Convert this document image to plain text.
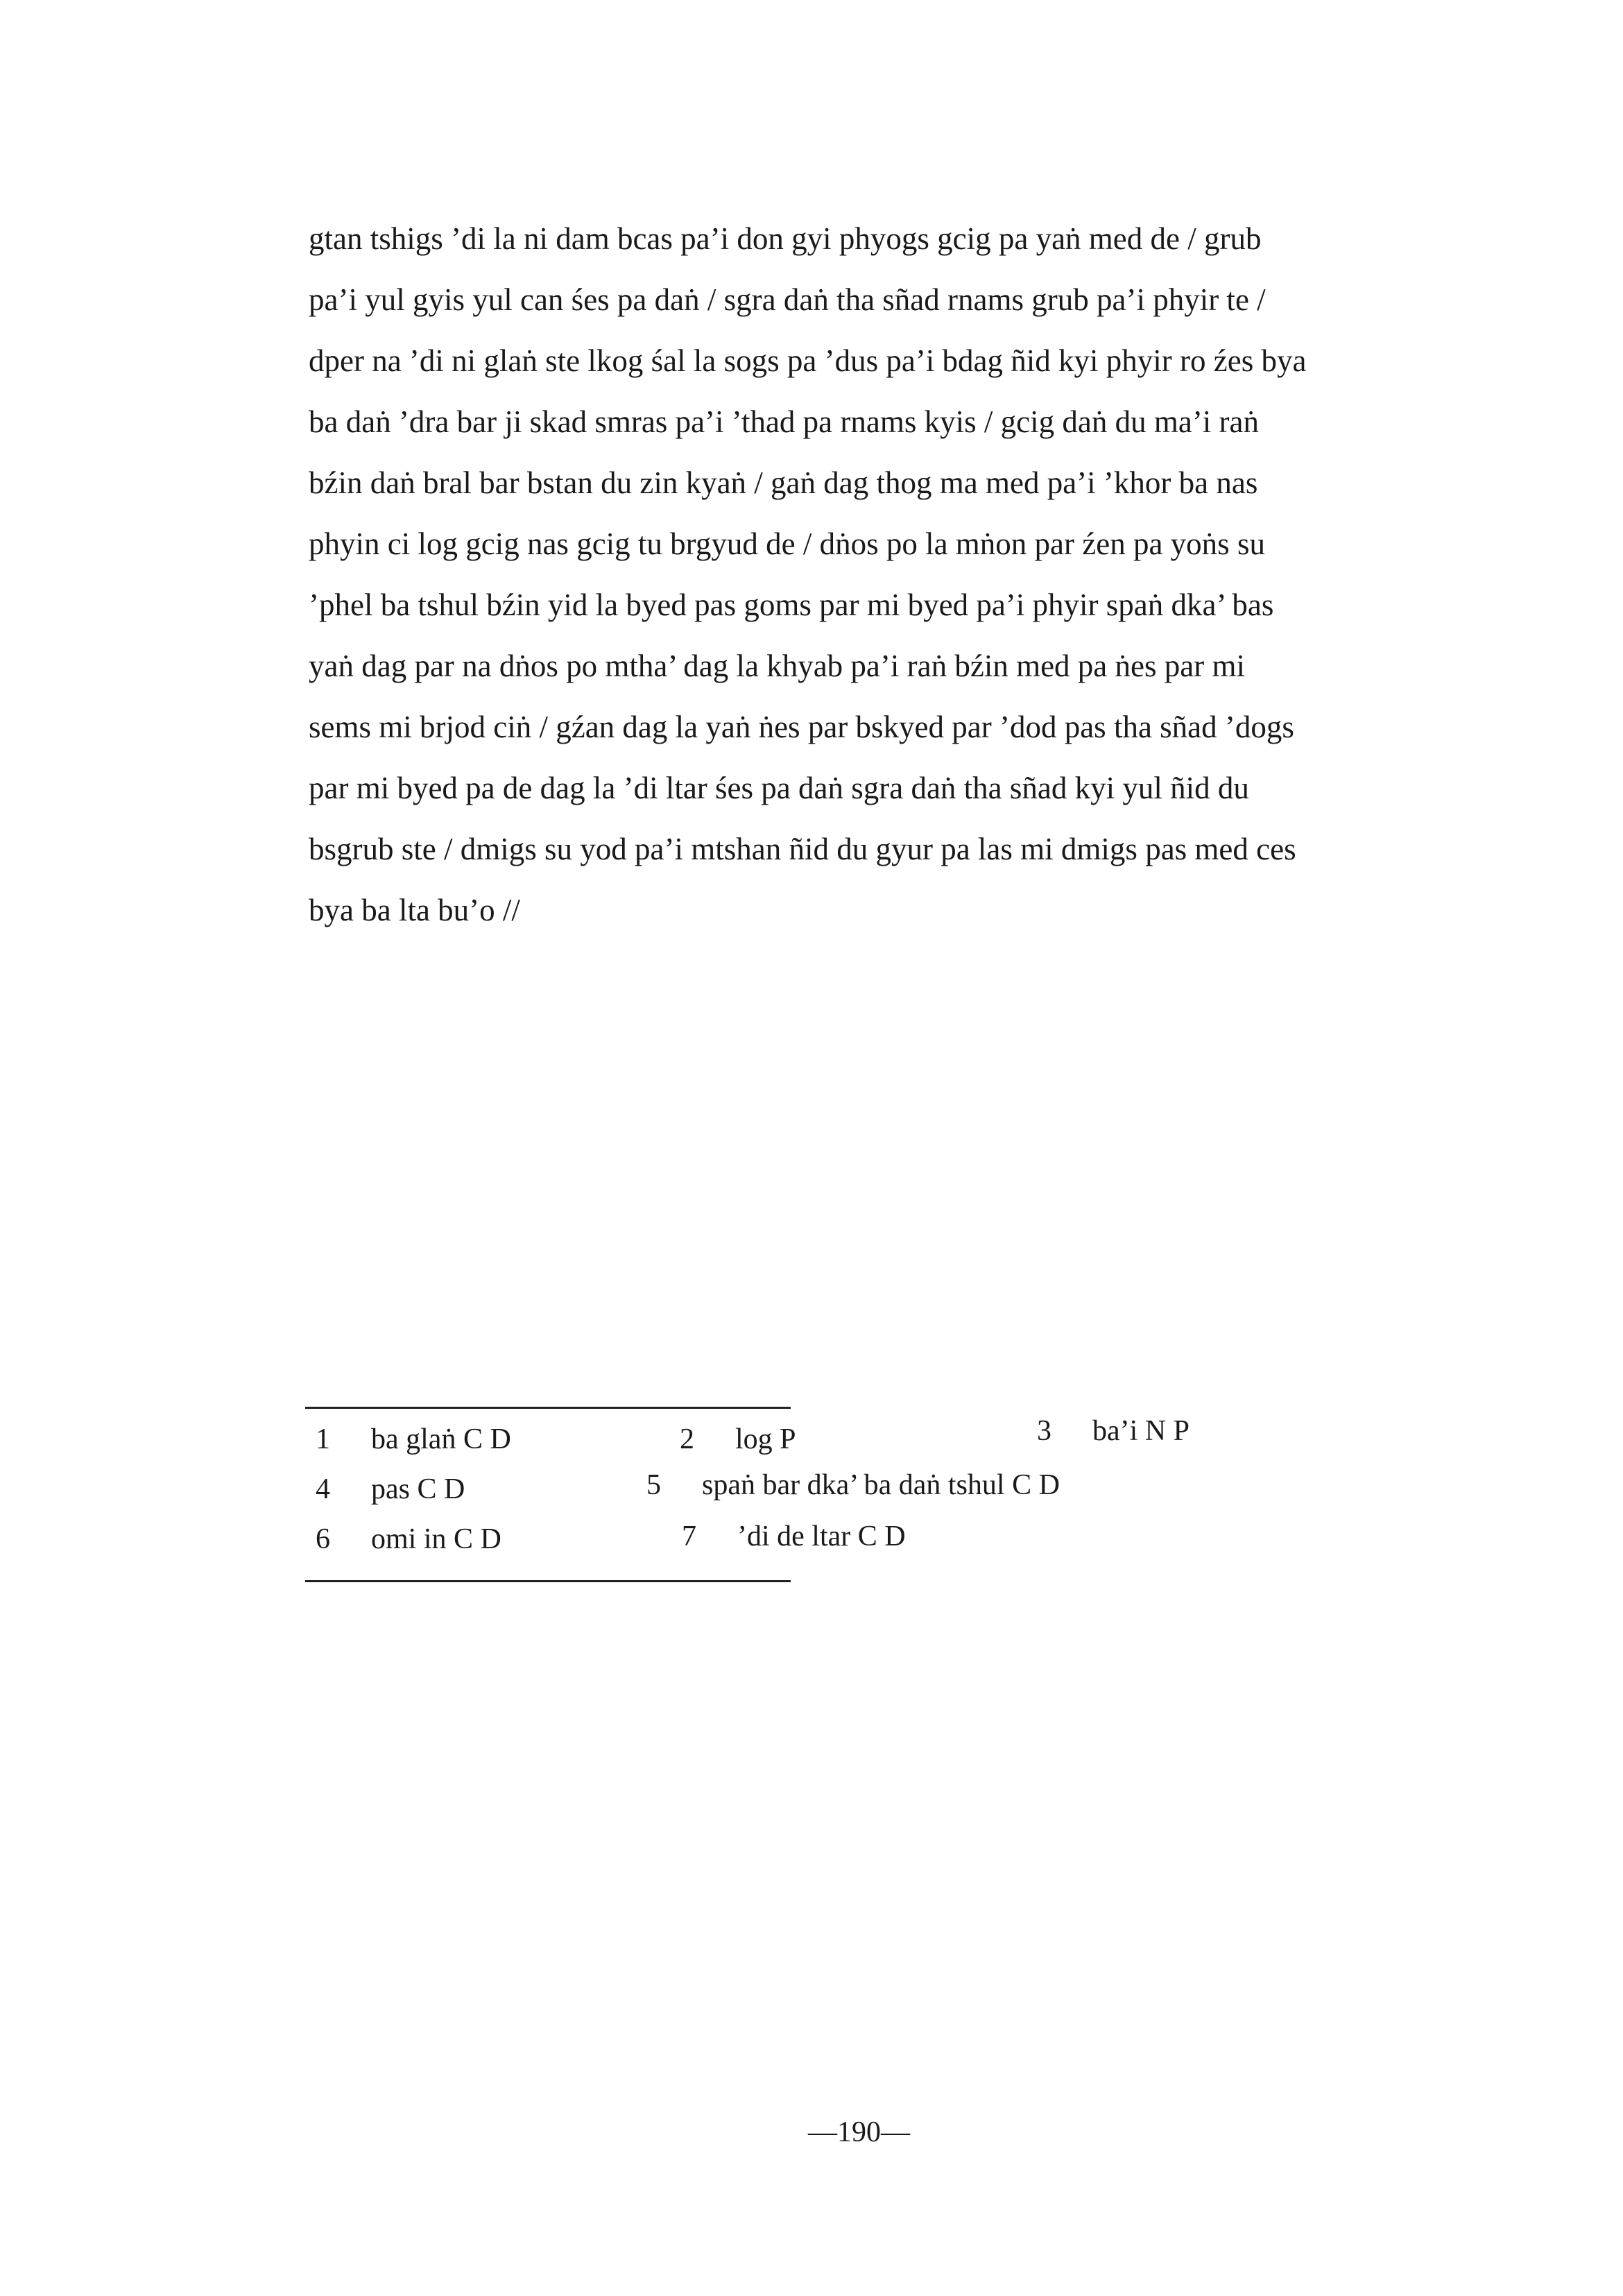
gtan tshigs ’di la ni dam bcas pa’i don gyi phyogs gcig pa yaṅ med de / grub
pa’i yul gyis yul can śes pa daṅ / sgra daṅ tha sñad rnams grub pa’i phyir te /
dper na ’di ni glaṅ ste lkog śal la sogs pa ’dus pa’i bdag ñid kyi phyir ro źes bya
ba daṅ ’dra bar ji skad smras pa’i ’thad pa rnams kyis / gcig daṅ du ma’i raṅ
bźin daṅ bral bar bstan du zin kyaṅ / gaṅ dag thog ma med pa’i ’khor ba nas
phyin ci log gcig nas gcig tu brgyud de / dṅos po la mṅon par źen pa yoṅs su
’phel ba tshul bźin yid la byed pas goms par mi byed pa’i phyir spaṅ dka’ bas
yaṅ dag par na dṅos po mtha’ dag la khyab pa’i raṅ bźin med pa ṅes par mi
sems mi brjod ciṅ / gźan dag la yaṅ ṅes par bskyed par ’dod pas tha sñad ’dogs
par mi byed pa de dag la ’di ltar śes pa daṅ sgra daṅ tha sñad kyi yul ñid du
bsgrub ste / dmigs su yod pa’i mtshan ñid du gyur pa las mi dmigs pas med ces
bya ba lta bu’o //
1 ba glaṅ C D	2 log P	3 ba’i N P
4 pas C D	5 spaṅ bar dka’ ba daṅ tshul C D
6 omi in C D	7 ’di de ltar C D
—190—
